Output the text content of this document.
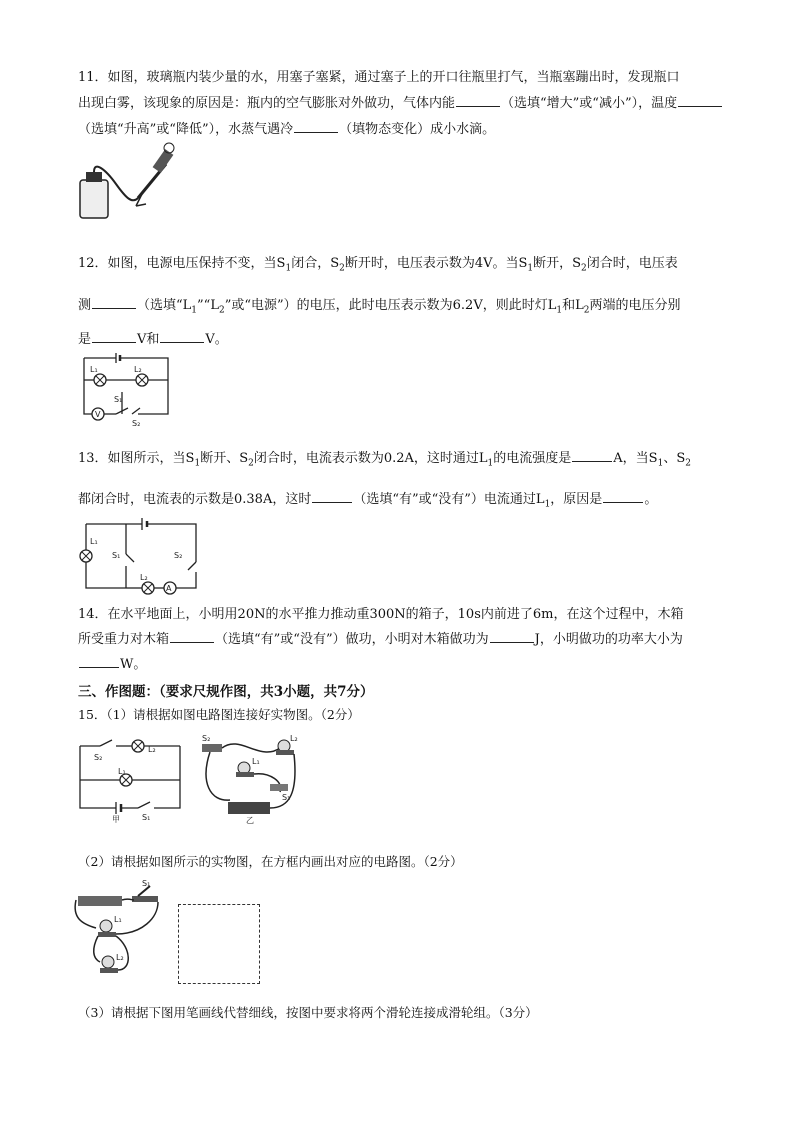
11．如图，玻璃瓶内装少量的水，用塞子塞紧，通过塞子上的开口往瓶里打气，当瓶塞蹦出时，发现瓶口
出现白雾，该现象的原因是：瓶内的空气膨胀对外做功，气体内能	（选填“增大”或“减小”），温度
（选填“升高”或“降低”），水蒸气遇冷	（填物态变化）成小水滴。
12．如图，电源电压保持不变，当$S_1$闭合，$S_2$断开时，电压表示数为4V。当$S_1$断开，$S_2$闭合时，电压表
测	（选填“$L_1”“L_2$”或“电源”）的电压，此时电压表示数为6.2V，则此时灯$L_1$和$L_2$两端的电压分别
是	V和	V。
V
L₁	L₂
S₁
S₂
13．如图所示，当$S_1$断开、$S_2$闭合时，电流表示数为0.2A，这时通过$L_1$的电流强度是	A，当$S_1$、$S_2$
都闭合时，电流表的示数是0.38A，这时	（选填“有”或“没有”）电流通过$L_1$，原因是	。
A
L₁
S₁	S₂
L₂
14．在水平地面上，小明用20N的水平推力推动重300N的箱子，10s内前进了6m，在这个过程中，木箱
所受重力对木箱	（选填“有”或“没有”）做功，小明对木箱做功为	J，小明做功的功率大小为
W。
三、作图题：（要求尺规作图，共3小题，共7分）
15．（1）请根据如图电路图连接好实物图。（2分）
S₂
L₂
L₁
S₁
甲
S₂	L₂
L₁
S₁
乙
（2）请根据如图所示的实物图，在方框内画出对应的电路图。（2分）
S₁
L₁
L₂
（3）请根据下图用笔画线代替细线，按图中要求将两个滑轮连接成滑轮组。（3分）
